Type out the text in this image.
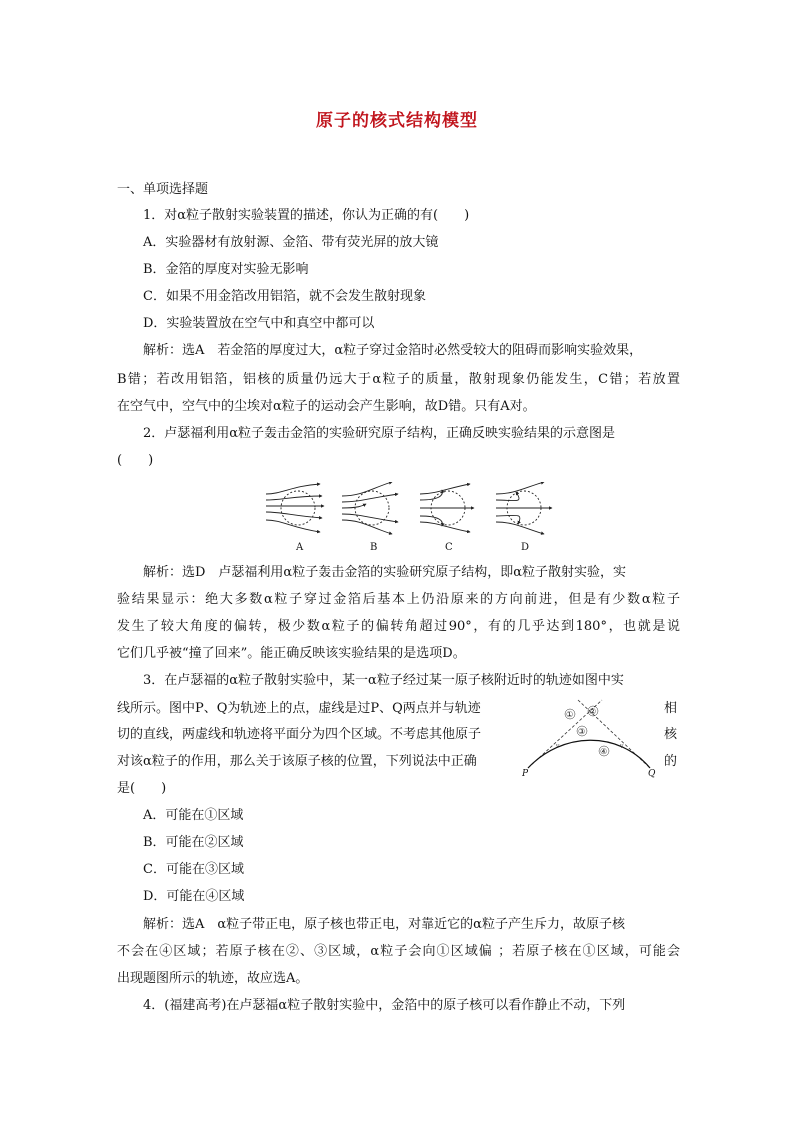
原子的核式结构模型
一、单项选择题
1．对α粒子散射实验装置的描述，你认为正确的有(　　)
A．实验器材有放射源、金箔、带有荧光屏的放大镜
B．金箔的厚度对实验无影响
C．如果不用金箔改用铝箔，就不会发生散射现象
D．实验装置放在空气中和真空中都可以
解析：选A　若金箔的厚度过大，α粒子穿过金箔时必然受较大的阻碍而影响实验效果，
B错；若改用铝箔，铝核的质量仍远大于α粒子的质量，散射现象仍能发生，C错；若放置
在空气中，空气中的尘埃对α粒子的运动会产生影响，故D错。只有A对。
2．卢瑟福利用α粒子轰击金箔的实验研究原子结构，正确反映实验结果的示意图是
(　　)
A	B	C	D
解析：选D　卢瑟福利用α粒子轰击金箔的实验研究原子结构，即α粒子散射实验，实
验结果显示：绝大多数α粒子穿过金箔后基本上仍沿原来的方向前进，但是有少数α粒子
发生了较大角度的偏转，极少数α粒子的偏转角超过90°，有的几乎达到180°，也就是说
它们几乎被“撞了回来”。能正确反映该实验结果的是选项D。
3．在卢瑟福的α粒子散射实验中，某一α粒子经过某一原子核附近时的轨迹如图中实
线所示。图中P、Q为轨迹上的点，虚线是过P、Q两点并与轨迹
切的直线，两虚线和轨迹将平面分为四个区域。不考虑其他原子
对该α粒子的作用，那么关于该原子核的位置，下列说法中正确
是(　　)
相
核
的
v	v
① ②
③
④
P	Q
A．可能在①区域
B．可能在②区域
C．可能在③区域
D．可能在④区域
解析：选A　α粒子带正电，原子核也带正电，对靠近它的α粒子产生斥力，故原子核
不会在④区域；若原子核在②、③区域，α粒子会向①区域偏 ；若原子核在①区域，可能会
出现题图所示的轨迹，故应选A。
4．(福建高考)在卢瑟福α粒子散射实验中，金箔中的原子核可以看作静止不动，下列
